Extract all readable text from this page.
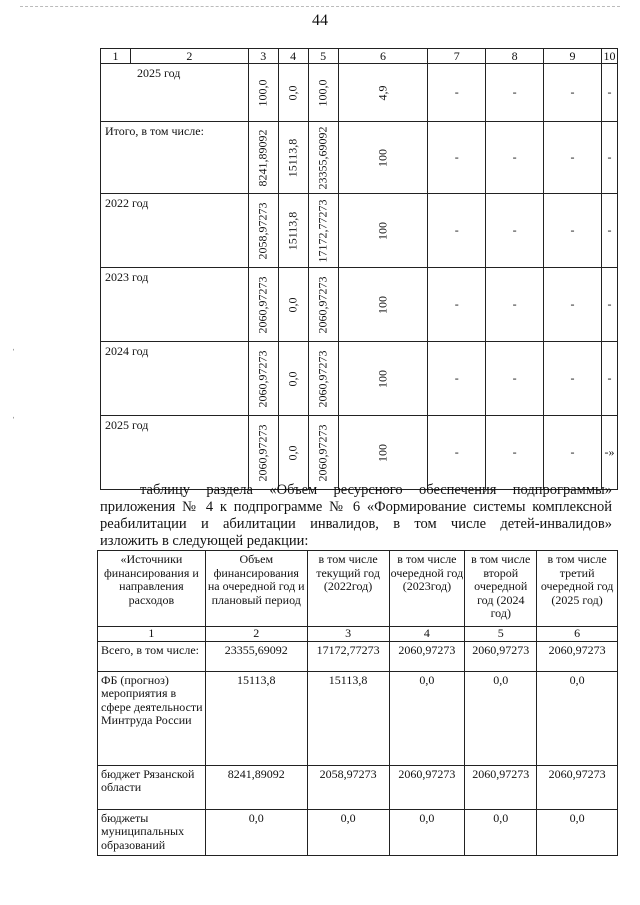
44
ˌ
ˌ
1	2	3	4	5	6	7	8	9	10
2025 год		100,0	0,0	100,0	4,9	-	-	-	-
Итого, в том числе:		8241,89092	15113,8	23355,69092	100	-	-	-	-
2022 год		2058,97273	15113,8	17172,77273	100	-	-	-	-
2023 год		2060,97273	0,0	2060,97273	100	-	-	-	-
2024 год		2060,97273	0,0	2060,97273	100	-	-	-	-
2025 год		2060,97273	0,0	2060,97273	100	-	-	-	-»
таблицу раздела «Объем ресурсного обеспечения подпрограммы»
приложения № 4 к подпрограмме № 6 «Формирование системы комплексной
реабилитации и абилитации инвалидов, в том числе детей-инвалидов»
изложить в следующей редакции:
«Источники финансирования и направления расходов	Объем финансирования на очередной год и плановый период	в том числе текущий год (2022год)	в том числе очередной год (2023год)	в том числе второй очередной год (2024 год)	в том числе третий очередной год (2025 год)
1	2	3	4	5	6
Всего, в том числе:	23355,69092	17172,77273	2060,97273	2060,97273	2060,97273
ФБ (прогноз) мероприятия в сфере деятельности Минтруда России	15113,8	15113,8	0,0	0,0	0,0
бюджет Рязанской области	8241,89092	2058,97273	2060,97273	2060,97273	2060,97273
бюджеты муниципальных образований	0,0	0,0	0,0	0,0	0,0
